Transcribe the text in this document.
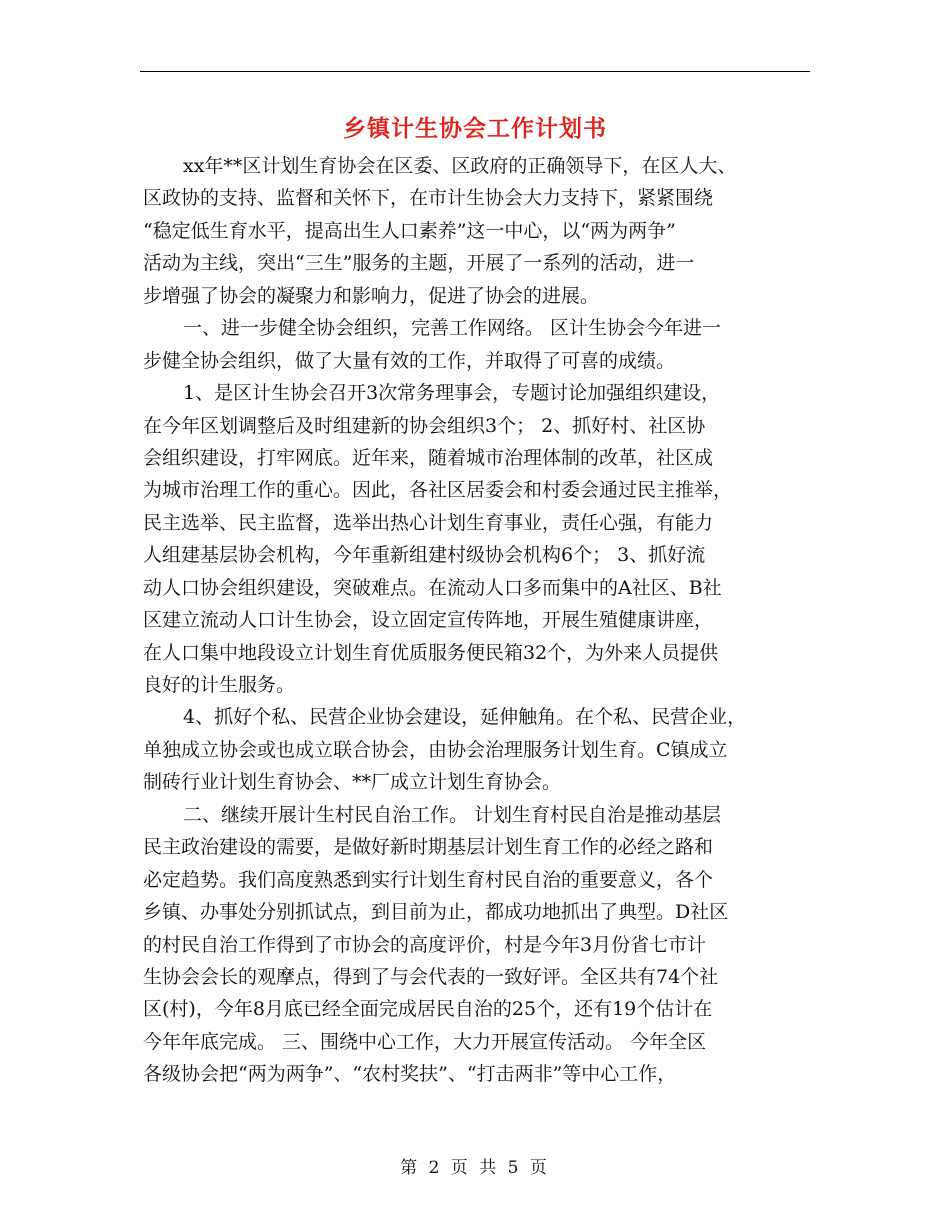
乡镇计生协会工作计划书
xx年**区计划生育协会在区委、区政府的正确领导下，在区人大、
区政协的支持、监督和关怀下，在市计生协会大力支持下，紧紧围绕
“稳定低生育水平，提高出生人口素养”这一中心，以“两为两争”
活动为主线，突出“三生”服务的主题，开展了一系列的活动，进一
步增强了协会的凝聚力和影响力，促进了协会的进展。
一、进一步健全协会组织，完善工作网络。 区计生协会今年进一
步健全协会组织，做了大量有效的工作，并取得了可喜的成绩。
1、是区计生协会召开3次常务理事会，专题讨论加强组织建设，
在今年区划调整后及时组建新的协会组织3个； 2、抓好村、社区协
会组织建设，打牢网底。近年来，随着城市治理体制的改革，社区成
为城市治理工作的重心。因此，各社区居委会和村委会通过民主推举，
民主选举、民主监督，选举出热心计划生育事业，责任心强，有能力
人组建基层协会机构，今年重新组建村级协会机构6个； 3、抓好流
动人口协会组织建设，突破难点。在流动人口多而集中的A社区、B社
区建立流动人口计生协会，设立固定宣传阵地，开展生殖健康讲座，
在人口集中地段设立计划生育优质服务便民箱32个，为外来人员提供
良好的计生服务。
4、抓好个私、民营企业协会建设，延伸触角。在个私、民营企业，
单独成立协会或也成立联合协会，由协会治理服务计划生育。C镇成立
制砖行业计划生育协会、**厂成立计划生育协会。
二、继续开展计生村民自治工作。 计划生育村民自治是推动基层
民主政治建设的需要，是做好新时期基层计划生育工作的必经之路和
必定趋势。我们高度熟悉到实行计划生育村民自治的重要意义，各个
乡镇、办事处分别抓试点，到目前为止，都成功地抓出了典型。D社区
的村民自治工作得到了市协会的高度评价，村是今年3月份省七市计
生协会会长的观摩点，得到了与会代表的一致好评。全区共有74个社
区(村)，今年8月底已经全面完成居民自治的25个，还有19个估计在
今年年底完成。 三、围绕中心工作，大力开展宣传活动。 今年全区
各级协会把“两为两争”、“农村奖扶”、“打击两非”等中心工作，
第 2 页 共 5 页
